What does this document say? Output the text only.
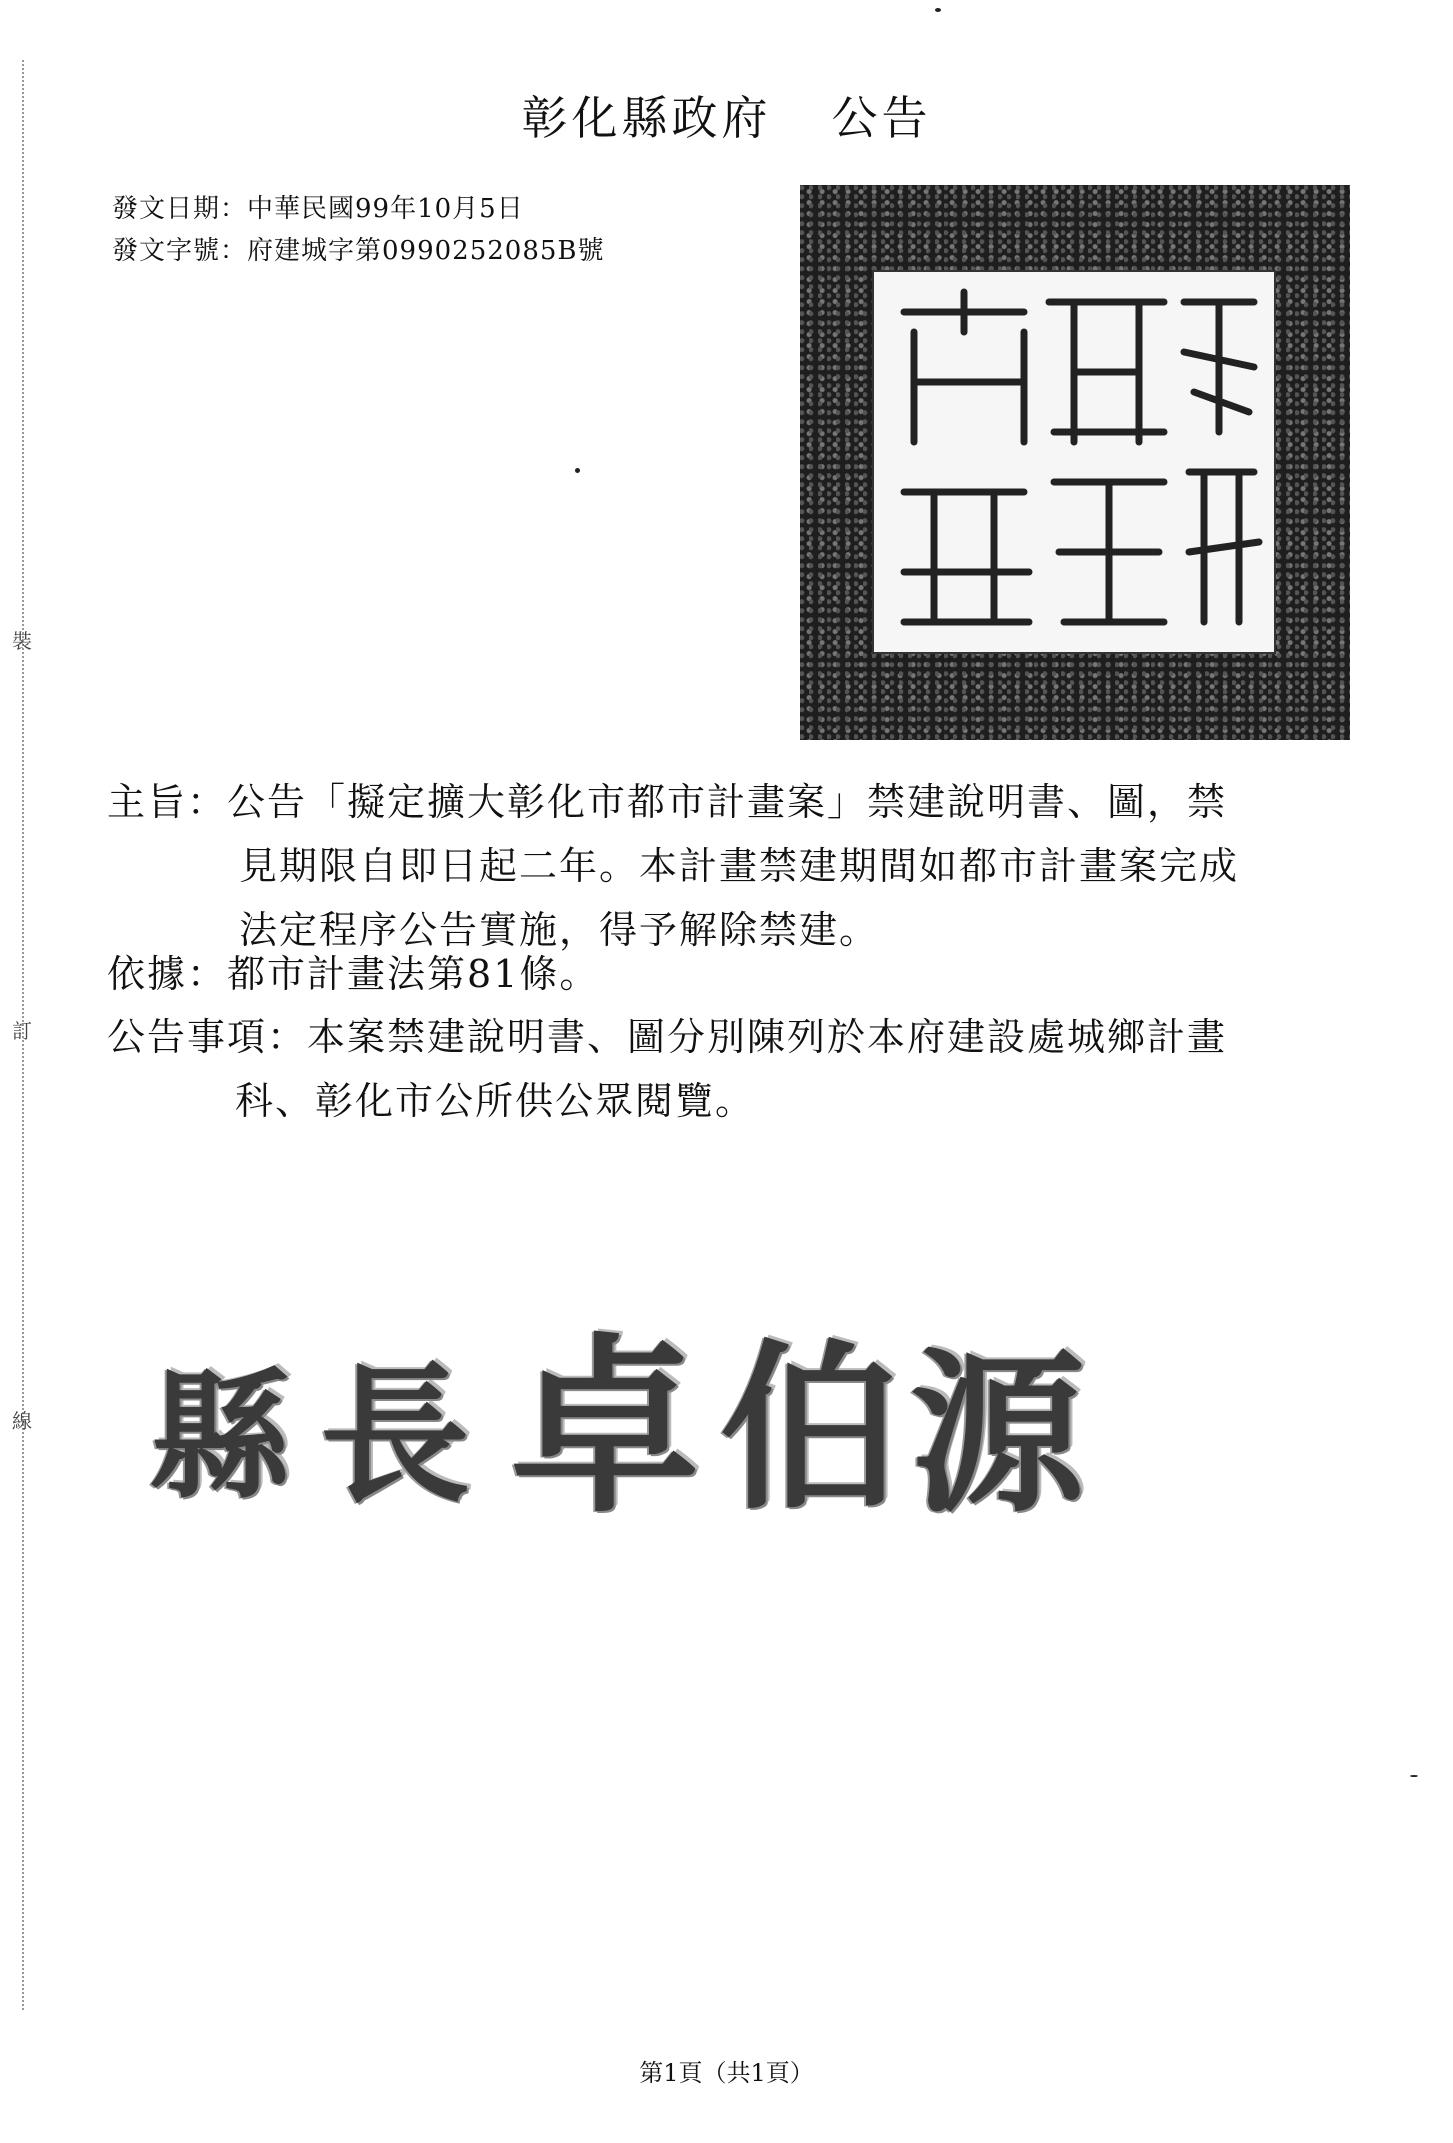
裝
訂
線
彰化縣政府 公告
發文日期：中華民國99年10月5日
發文字號：府建城字第0990252085B號
主旨：公告「擬定擴大彰化市都市計畫案」禁建說明書、圖，禁
見期限自即日起二年。本計畫禁建期間如都市計畫案完成
法定程序公告實施，得予解除禁建。
依據：都市計畫法第81條。
公告事項：本案禁建說明書、圖分別陳列於本府建設處城鄉計畫
科、彰化市公所供公眾閱覽。
縣 長 卓 伯 源
第1頁（共1頁）
